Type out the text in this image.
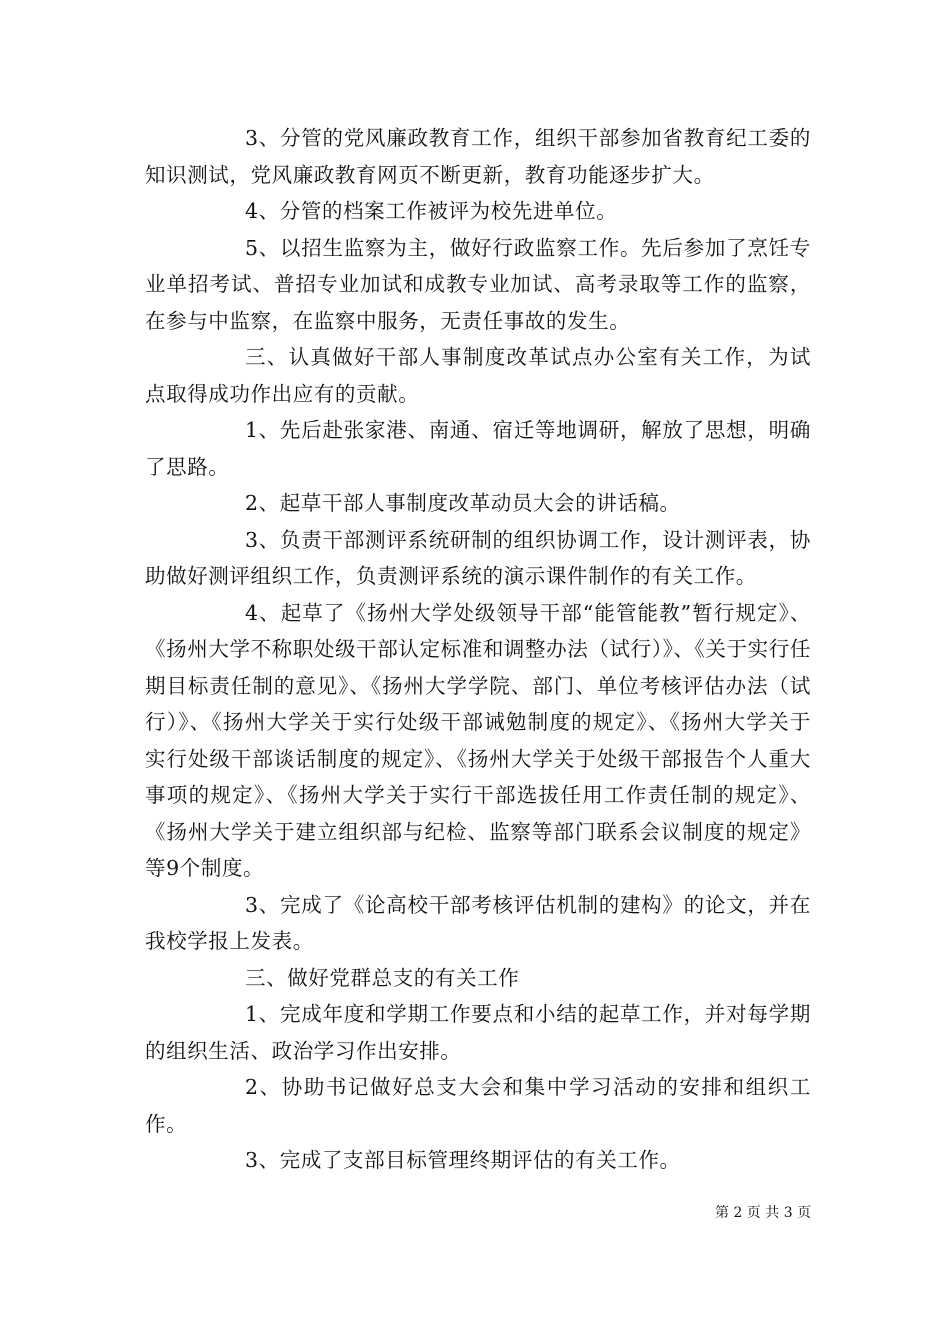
3、分管的党风廉政教育工作，组织干部参加省教育纪工委的知识测试，党风廉政教育网页不断更新，教育功能逐步扩大。

4、分管的档案工作被评为校先进单位。

5、以招生监察为主，做好行政监察工作。先后参加了烹饪专业单招考试、普招专业加试和成教专业加试、高考录取等工作的监察，在参与中监察，在监察中服务，无责任事故的发生。

三、认真做好干部人事制度改革试点办公室有关工作，为试点取得成功作出应有的贡献。

1、先后赴张家港、南通、宿迁等地调研，解放了思想，明确了思路。

2、起草干部人事制度改革动员大会的讲话稿。

3、负责干部测评系统研制的组织协调工作，设计测评表，协助做好测评组织工作，负责测评系统的演示课件制作的有关工作。

4、起草了《扬州大学处级领导干部“能管能教”暂行规定》、《扬州大学不称职处级干部认定标准和调整办法（试行）》、《关于实行任期目标责任制的意见》、《扬州大学学院、部门、单位考核评估办法（试行）》、《扬州大学关于实行处级干部诫勉制度的规定》、《扬州大学关于实行处级干部谈话制度的规定》、《扬州大学关于处级干部报告个人重大事项的规定》、《扬州大学关于实行干部选拔任用工作责任制的规定》、《扬州大学关于建立组织部与纪检、监察等部门联系会议制度的规定》等9个制度。

3、完成了《论高校干部考核评估机制的建构》的论文，并在我校学报上发表。

三、做好党群总支的有关工作

1、完成年度和学期工作要点和小结的起草工作，并对每学期的组织生活、政治学习作出安排。

2、协助书记做好总支大会和集中学习活动的安排和组织工作。

3、完成了支部目标管理终期评估的有关工作。

第 2 页 共 3 页
